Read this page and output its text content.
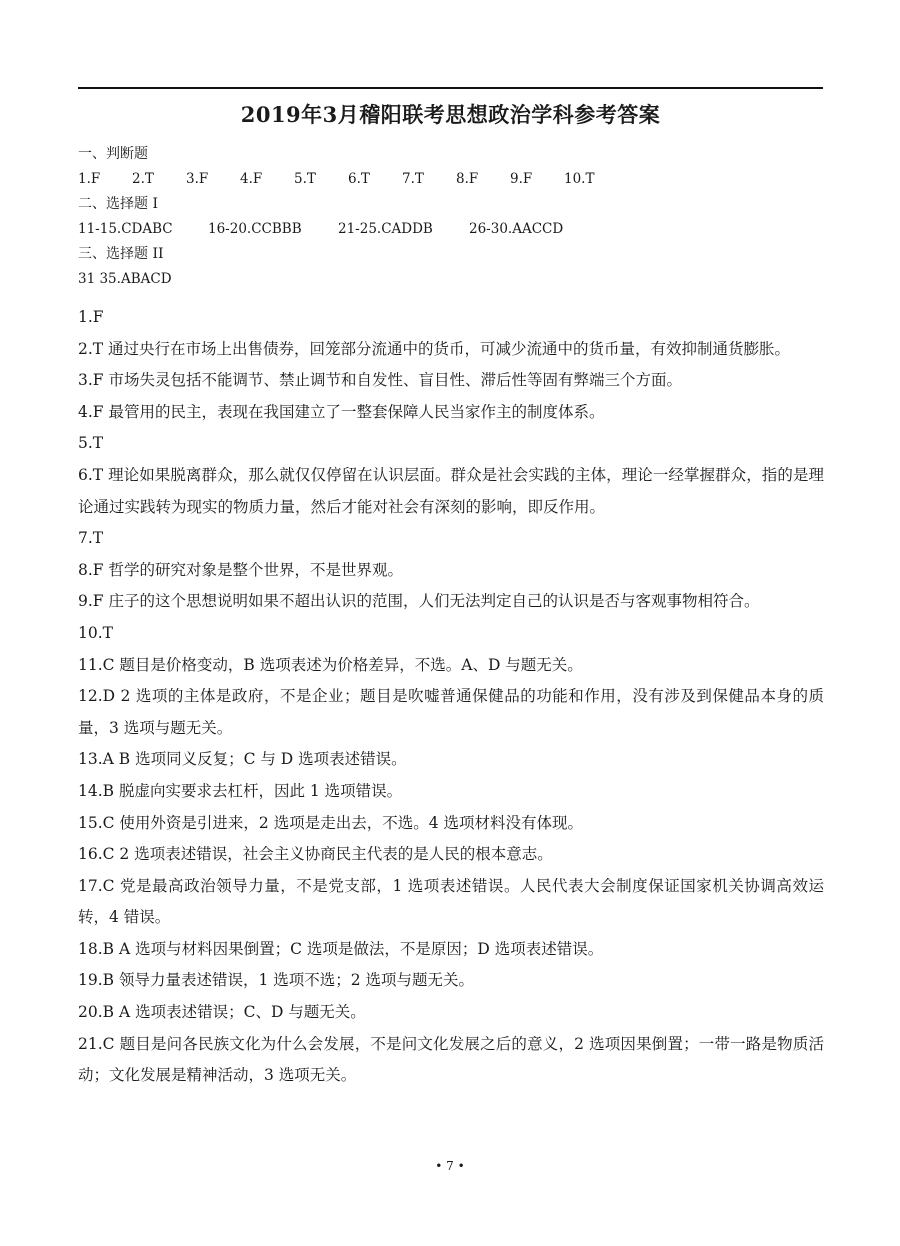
2019年3月稽阳联考思想政治学科参考答案
一、判断题
1.F 2.T 3.F 4.F 5.T 6.T 7.T 8.F 9.F 10.T
二、选择题 I
11-15.CDABC	16-20.CCBBB	21-25.CADDB	26-30.AACCD
三、选择题 II
31 35.ABACD

1.F

2.T 通过央行在市场上出售债券，回笼部分流通中的货币，可减少流通中的货币量，有效抑制通货膨胀。

3.F 市场失灵包括不能调节、禁止调节和自发性、盲目性、滞后性等固有弊端三个方面。

4.F 最管用的民主，表现在我国建立了一整套保障人民当家作主的制度体系。

5.T

6.T 理论如果脱离群众，那么就仅仅停留在认识层面。群众是社会实践的主体，理论一经掌握群众，指的是理论通过实践转为现实的物质力量，然后才能对社会有深刻的影响，即反作用。

7.T

8.F 哲学的研究对象是整个世界，不是世界观。

9.F 庄子的这个思想说明如果不超出认识的范围，人们无法判定自己的认识是否与客观事物相符合。

10.T

11.C 题目是价格变动，B 选项表述为价格差异，不选。A、D 与题无关。

12.D 2 选项的主体是政府，不是企业；题目是吹嘘普通保健品的功能和作用，没有涉及到保健品本身的质量，3 选项与题无关。

13.A B 选项同义反复；C 与 D 选项表述错误。

14.B 脱虚向实要求去杠杆，因此 1 选项错误。

15.C 使用外资是引进来，2 选项是走出去，不选。4 选项材料没有体现。

16.C 2 选项表述错误，社会主义协商民主代表的是人民的根本意志。

17.C 党是最高政治领导力量，不是党支部，1 选项表述错误。人民代表大会制度保证国家机关协调高效运转，4 错误。

18.B A 选项与材料因果倒置；C 选项是做法，不是原因；D 选项表述错误。

19.B 领导力量表述错误，1 选项不选；2 选项与题无关。

20.B A 选项表述错误；C、D 与题无关。

21.C 题目是问各民族文化为什么会发展，不是问文化发展之后的意义，2 选项因果倒置；一带一路是物质活动；文化发展是精神活动，3 选项无关。

• 7 •
